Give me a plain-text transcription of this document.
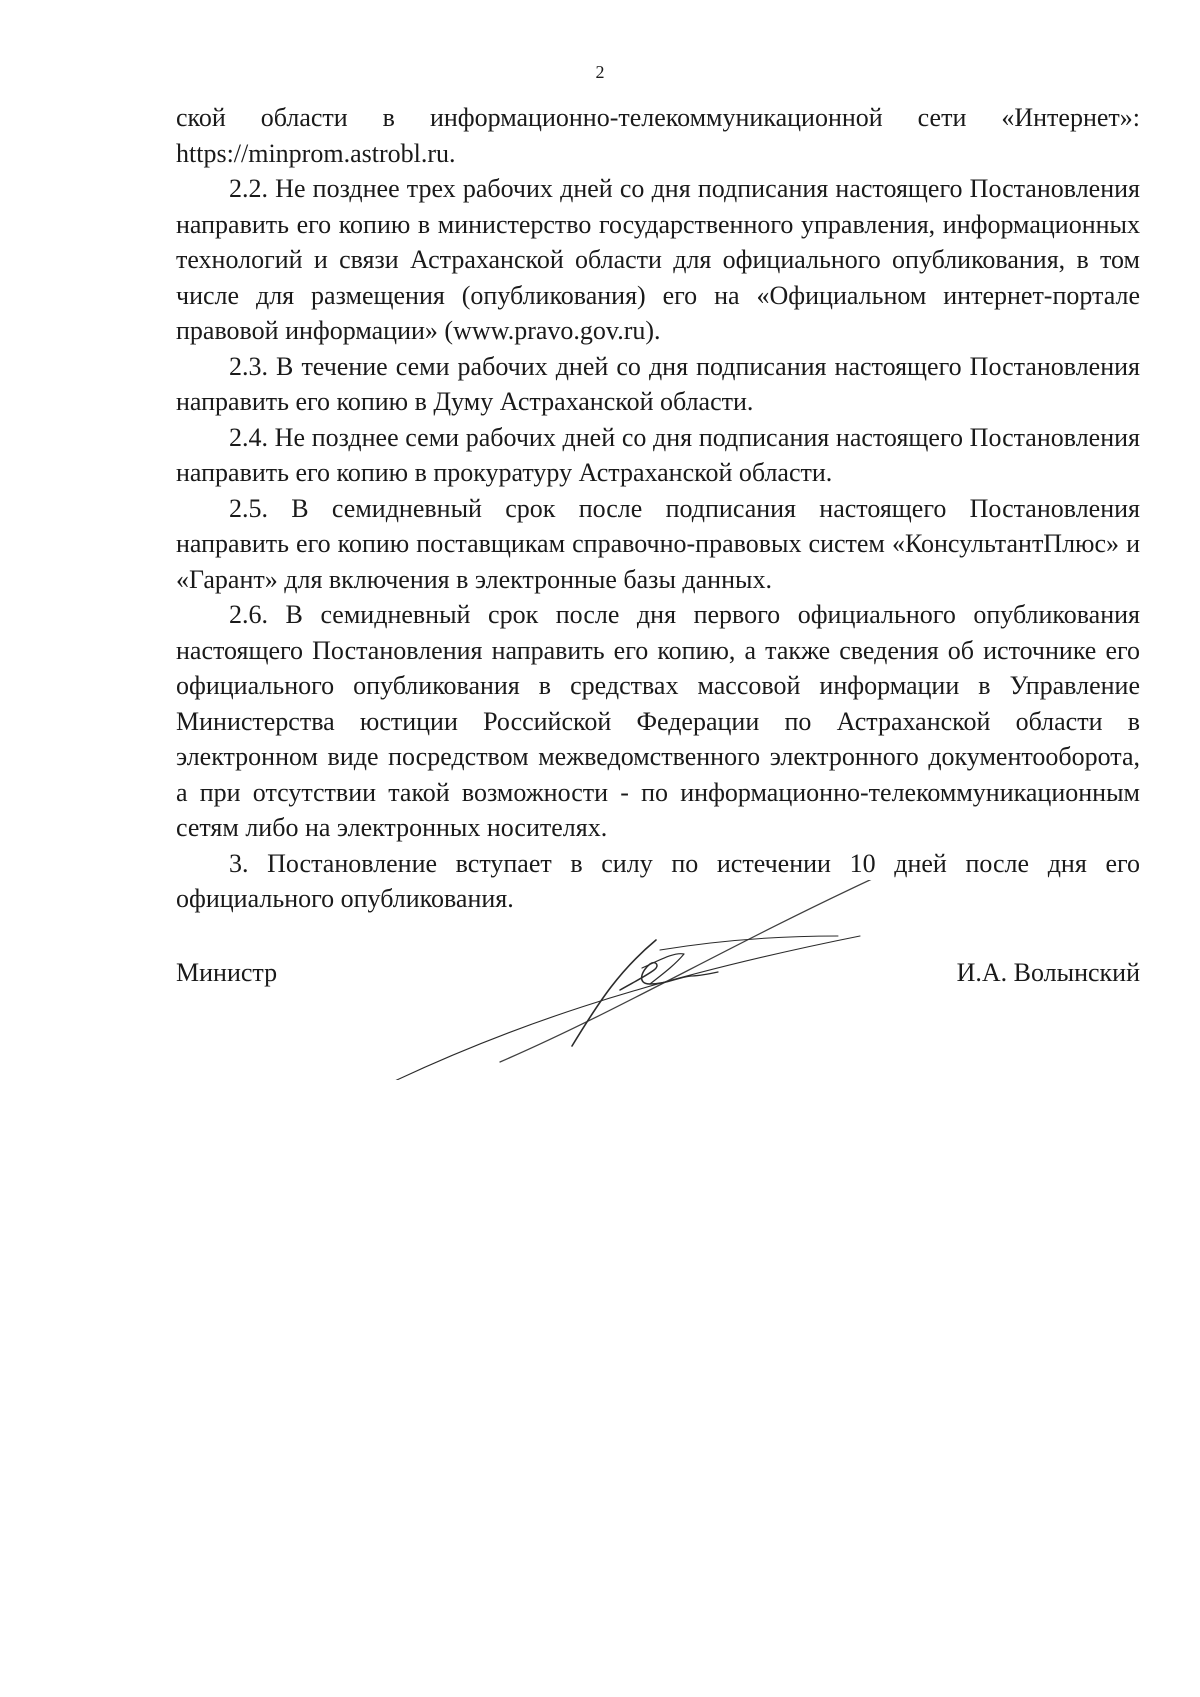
2

ской области в информационно-телекоммуникационной сети «Интернет»: https://minprom.astrobl.ru.

2.2. Не позднее трех рабочих дней со дня подписания настоящего Постановления направить его копию в министерство государственного управления, информационных технологий и связи Астраханской области для официального опубликования, в том числе для размещения (опубликования) его на «Официальном интернет-портале правовой информации» (www.pravo.gov.ru).

2.3. В течение семи рабочих дней со дня подписания настоящего Постановления направить его копию в Думу Астраханской области.

2.4. Не позднее семи рабочих дней со дня подписания настоящего Постановления направить его копию в прокуратуру Астраханской области.

2.5. В семидневный срок после подписания настоящего Постановления направить его копию поставщикам справочно-правовых систем «КонсультантПлюс» и «Гарант» для включения в электронные базы данных.

2.6. В семидневный срок после дня первого официального опубликования настоящего Постановления направить его копию, а также сведения об источнике его официального опубликования в средствах массовой информации в Управление Министерства юстиции Российской Федерации по Астраханской области в электронном виде посредством межведомственного электронного документооборота, а при отсутствии такой возможности - по информационно-телекоммуникационным сетям либо на электронных носителях.

3. Постановление вступает в силу по истечении 10 дней после дня его официального опубликования.

Министр	И.А. Волынский
